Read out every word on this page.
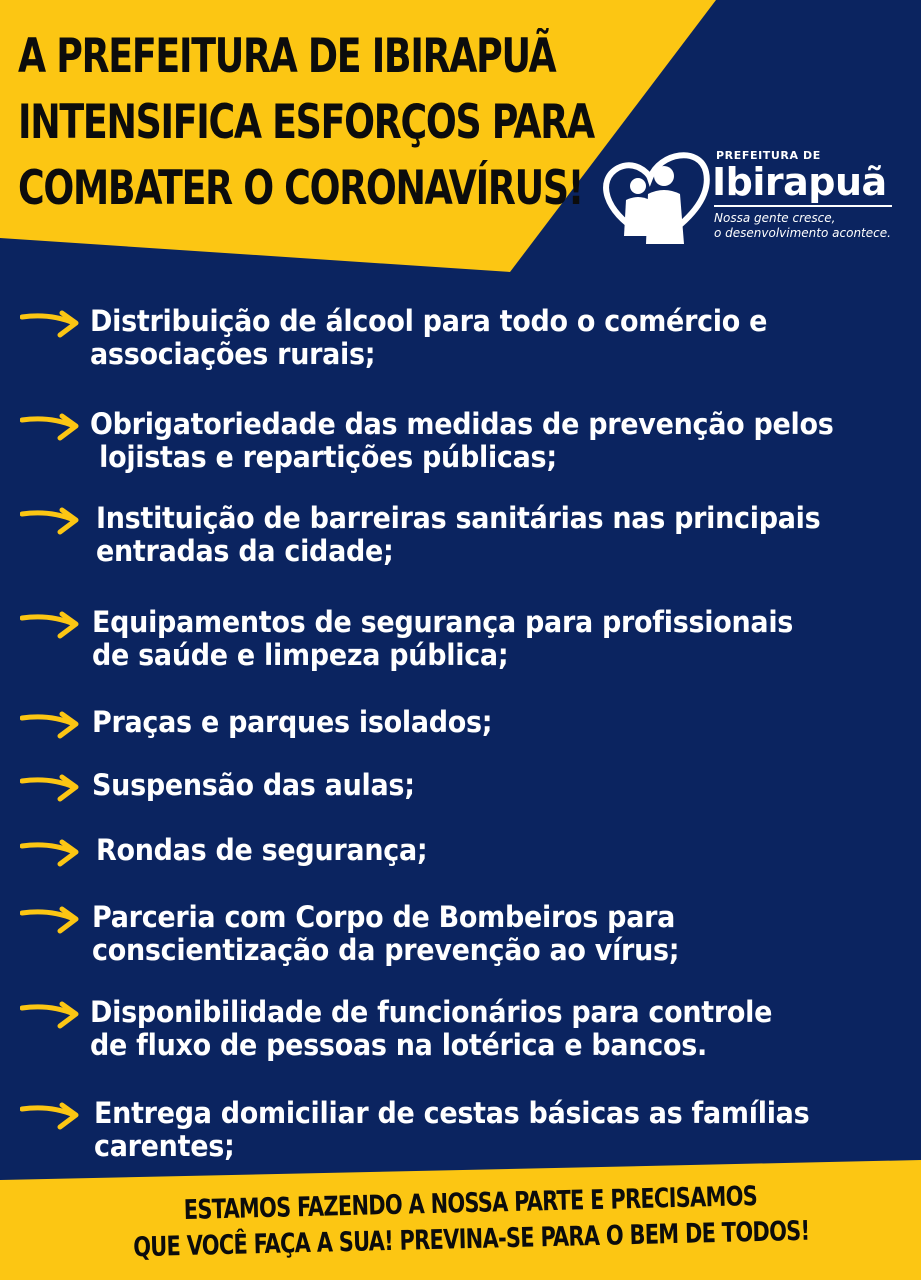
A PREFEITURA DE IBIRAPUÃ
INTENSIFICA ESFORÇOS PARA
COMBATER O CORONAVÍRUS!
PREFEITURA DE
Ibirapuã
Nossa gente cresce,
o desenvolvimento acontece.
Distribuição de álcool para todo o comércio e
associações rurais;
Obrigatoriedade das medidas de prevenção pelos
lojistas e repartições públicas;
Instituição de barreiras sanitárias nas principais
entradas da cidade;
Equipamentos de segurança para profissionais
de saúde e limpeza pública;
Praças e parques isolados;
Suspensão das aulas;
Rondas de segurança;
Parceria com Corpo de Bombeiros para
conscientização da prevenção ao vírus;
Disponibilidade de funcionários para controle
de fluxo de pessoas na lotérica e bancos.
Entrega domiciliar de cestas básicas as famílias
carentes;
ESTAMOS FAZENDO A NOSSA PARTE E PRECISAMOS
QUE VOCÊ FAÇA A SUA! PREVINA-SE PARA O BEM DE TODOS!
